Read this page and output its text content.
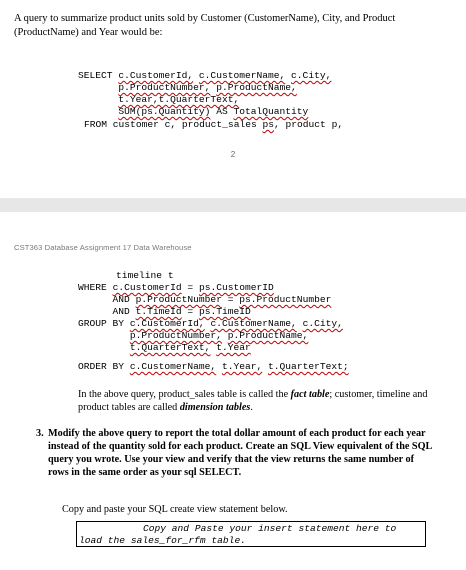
A query to summarize product units sold by Customer (CustomerName), City, and Product (ProductName) and Year would be:
SELECT c.CustomerId, c.CustomerName, c.City,
p.ProductNumber, p.ProductName,
t.Year,t.QuarterText,
SUM(ps.Quantity) AS TotalQuantity
FROM customer c, product_sales ps, product p,
2
CST363 Database Assignment 17 Data Warehouse
timeline t
WHERE c.CustomerId = ps.CustomerID
AND p.ProductNumber = ps.ProductNumber
AND t.TimeId = ps.TimeID
GROUP BY c.CustomerId, c.CustomerName, c.City,
p.ProductNumber, p.ProductName,
t.QuarterText, t.Year
ORDER BY c.CustomerName, t.Year, t.QuarterText;
In the above query, product_sales table is called the fact table; customer, timeline and product tables are called dimension tables.
3. Modify the above query to report the total dollar amount of each product for each year instead of the quantity sold for each product. Create an SQL View equivalent of the SQL query you wrote. Use your view and verify that the view returns the same number of rows in the same order as your sql SELECT.
Copy and paste your SQL create view statement below.
Copy and Paste your insert statement here to
load the sales_for_rfm table.
